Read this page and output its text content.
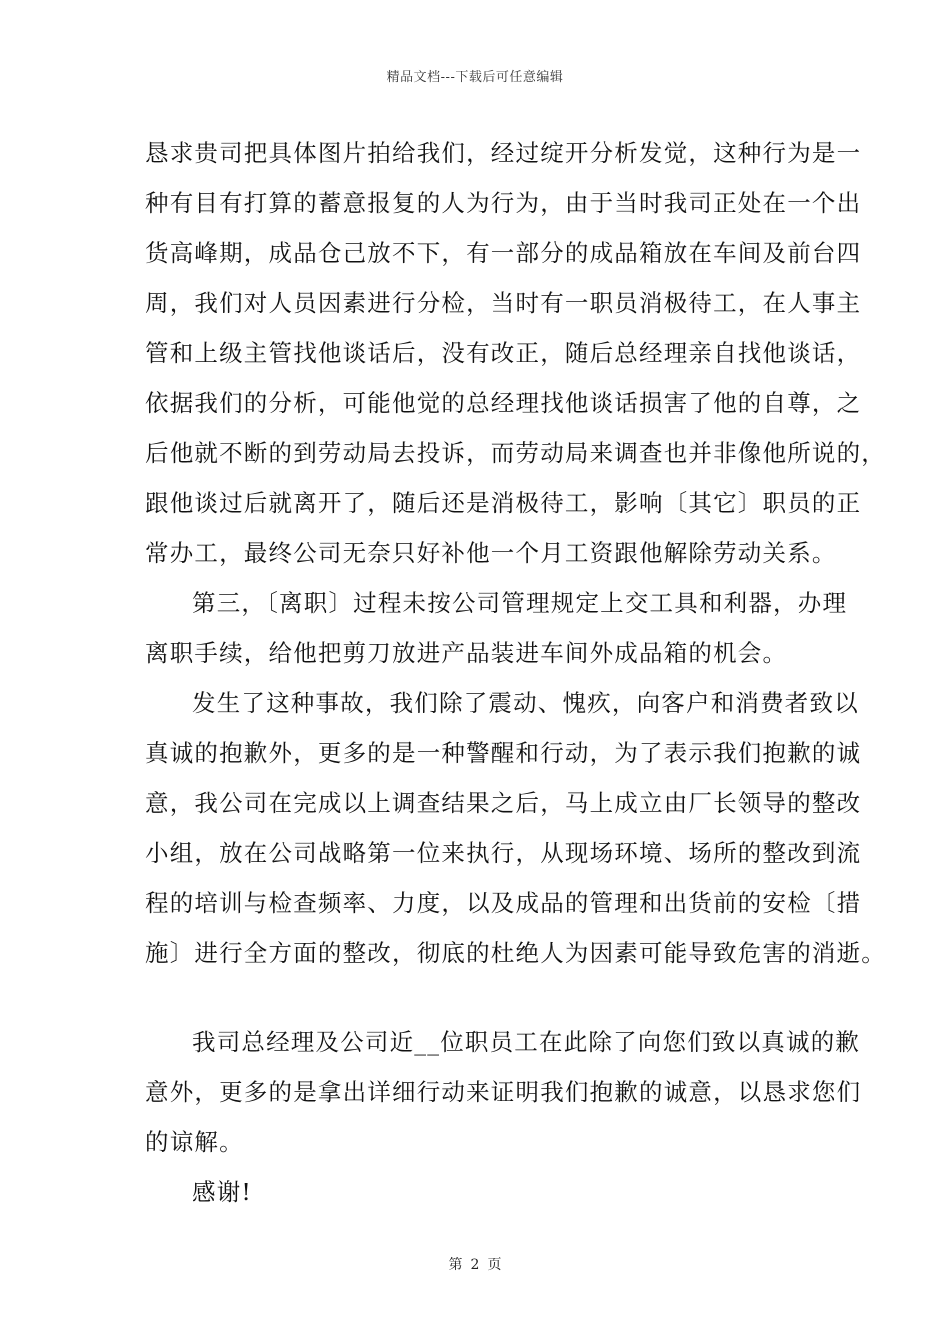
精品文档---下载后可任意编辑

恳求贵司把具体图片拍给我们，经过绽开分析发觉，这种行为是一
种有目有打算的蓄意报复的人为行为，由于当时我司正处在一个出
货高峰期，成品仓己放不下，有一部分的成品箱放在车间及前台四
周，我们对人员因素进行分检，当时有一职员消极待工，在人事主
管和上级主管找他谈话后，没有改正，随后总经理亲自找他谈话，
依据我们的分析，可能他觉的总经理找他谈话损害了他的自尊，之
后他就不断的到劳动局去投诉，而劳动局来调查也并非像他所说的，
跟他谈过后就离开了，随后还是消极待工，影响〔其它〕职员的正
常办工，最终公司无奈只好补他一个月工资跟他解除劳动关系。

第三，〔离职〕过程未按公司管理规定上交工具和利器，办理
离职手续，给他把剪刀放进产品装进车间外成品箱的机会。

发生了这种事故，我们除了震动、愧疚，向客户和消费者致以
真诚的抱歉外，更多的是一种警醒和行动，为了表示我们抱歉的诚
意，我公司在完成以上调查结果之后，马上成立由厂长领导的整改
小组，放在公司战略第一位来执行，从现场环境、场所的整改到流
程的培训与检查频率、力度，以及成品的管理和出货前的安检〔措
施〕进行全方面的整改，彻底的杜绝人为因素可能导致危害的消逝。

我司总经理及公司近__位职员工在此除了向您们致以真诚的歉
意外，更多的是拿出详细行动来证明我们抱歉的诚意，以恳求您们
的谅解。

感谢!

第 2 页
